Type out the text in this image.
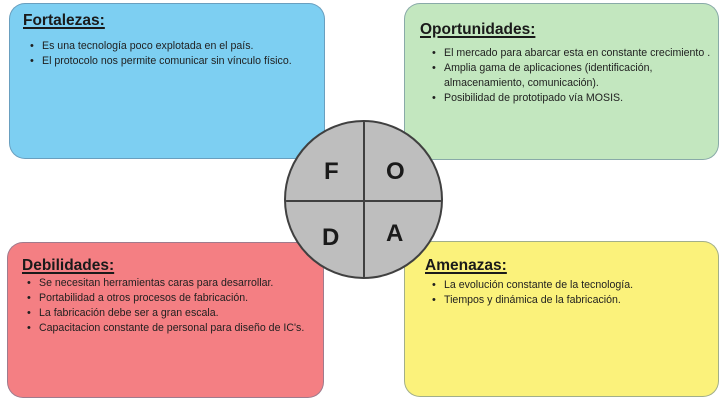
Fortalezas:
• Es una tecnología poco explotada en el país.
• El protocolo nos permite comunicar sin vínculo físico.
Oportunidades:
• El mercado para abarcar esta en constante crecimiento .
• Amplia gama de aplicaciones (identificación, almacenamiento, comunicación).
• Posibilidad de prototipado vía MOSIS.
Debilidades:
• Se necesitan herramientas caras para desarrollar.
• Portabilidad a otros procesos de fabricación.
• La fabricación debe ser a gran escala.
• Capacitacion constante de personal para diseño de IC's.
Amenazas:
• La evolución constante de la tecnología.
• Tiempos y dinámica de la fabricación.
F O
D A
